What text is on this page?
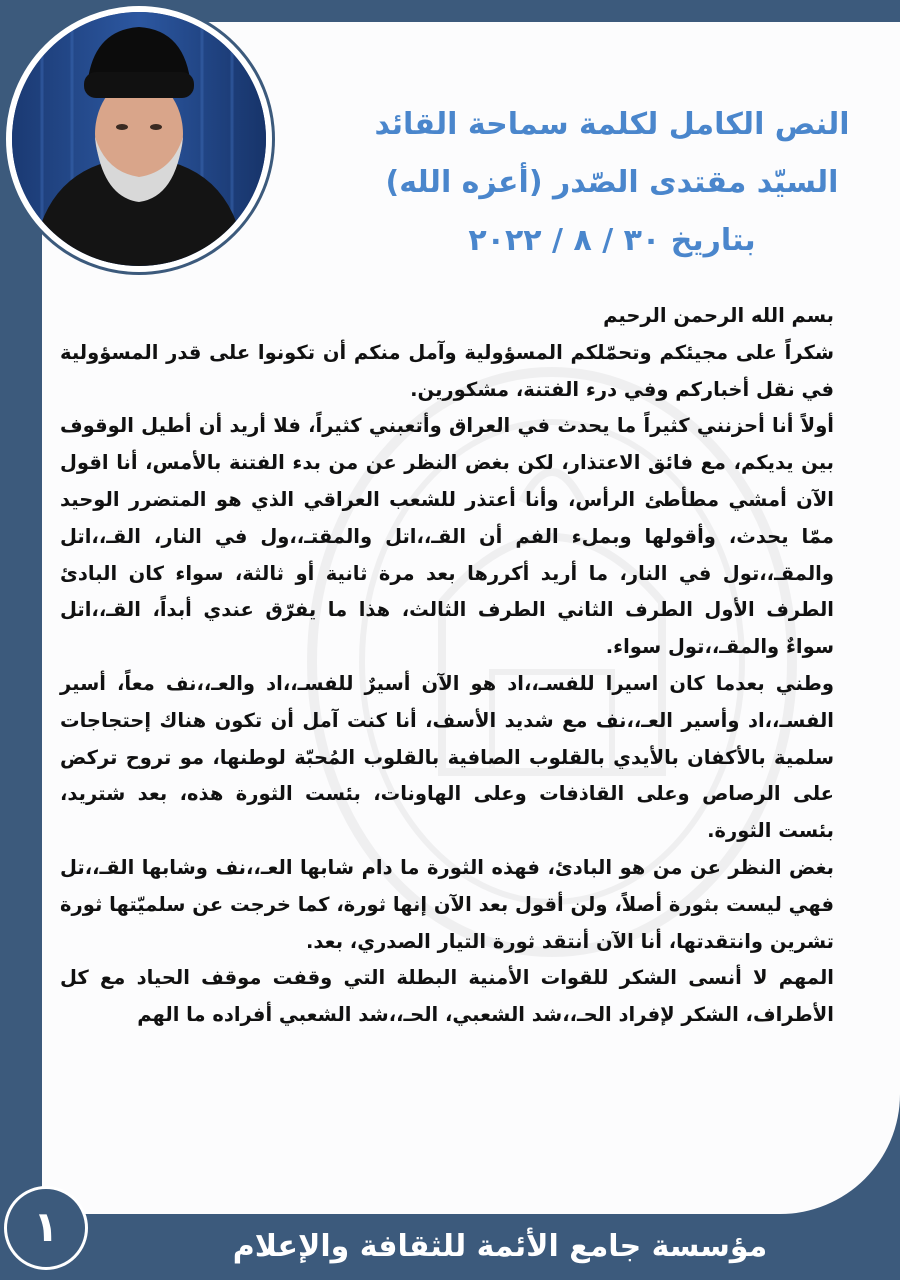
بسم الله الرحمن الرحيم

شكراً على مجيئكم وتحمّلكم المسؤولية وآمل منكم أن تكونوا على قدر المسؤولية في نقل أخباركم وفي درء الفتنة، مشكورين.

أولاً أنا أحزنني كثيراً ما يحدث في العراق وأتعبني كثيراً، فلا أريد أن أطيل الوقوف بين يديكم، مع فائق الاعتذار، لكن بغض النظر عن من بدء الفتنة بالأمس، أنا اقول الآن أمشي مطأطئ الرأس، وأنا أعتذر للشعب العراقي الذي هو المتضرر الوحيد ممّا يحدث، وأقولها وبملء الفم أن القـ،،اتل والمقتـ،،ول في النار، القـ،،اتل والمقـ،،تول في النار، ما أريد أكررها بعد مرة ثانية أو ثالثة، سواء كان البادئ الطرف الأول الطرف الثاني الطرف الثالث، هذا ما يفرّق عندي أبداً، القـ،،اتل سواءٌ والمقـ،،تول سواء.

وطني بعدما كان اسيرا للفسـ،،اد هو الآن أسيرٌ للفسـ،،اد والعـ،،نف معاً، أسير الفسـ،،اد وأسير العـ،،نف مع شديد الأسف، أنا كنت آمل أن تكون هناك إحتجاجات سلمية بالأكفان بالأيدي بالقلوب الصافية بالقلوب المُحبّة لوطنها، مو تروح تركض على الرصاص وعلى القاذفات وعلى الهاونات، بئست الثورة هذه، بعد شتريد، بئست الثورة.

بغض النظر عن من هو البادئ، فهذه الثورة ما دام شابها العـ،،نف وشابها القـ،،تل فهي ليست بثورة أصلاً، ولن أقول بعد الآن إنها ثورة، كما خرجت عن سلميّتها ثورة تشرين وانتقدتها، أنا الآن أنتقد ثورة التيار الصدري، بعد.

المهم لا أنسى الشكر للقوات الأمنية البطلة التي وقفت موقف الحياد مع كل الأطراف، الشكر لإفراد الحـ،،شد الشعبي، الحـ،،شد الشعبي أفراده ما الهم

النص الكامل لكلمة سماحة القائد
السيّد مقتدى الصّدر (أعزه الله)
بتاريخ ٣٠ / ٨ / ٢٠٢٢
مؤسسة جامع الأئمة للثقافة والإعلام
١
